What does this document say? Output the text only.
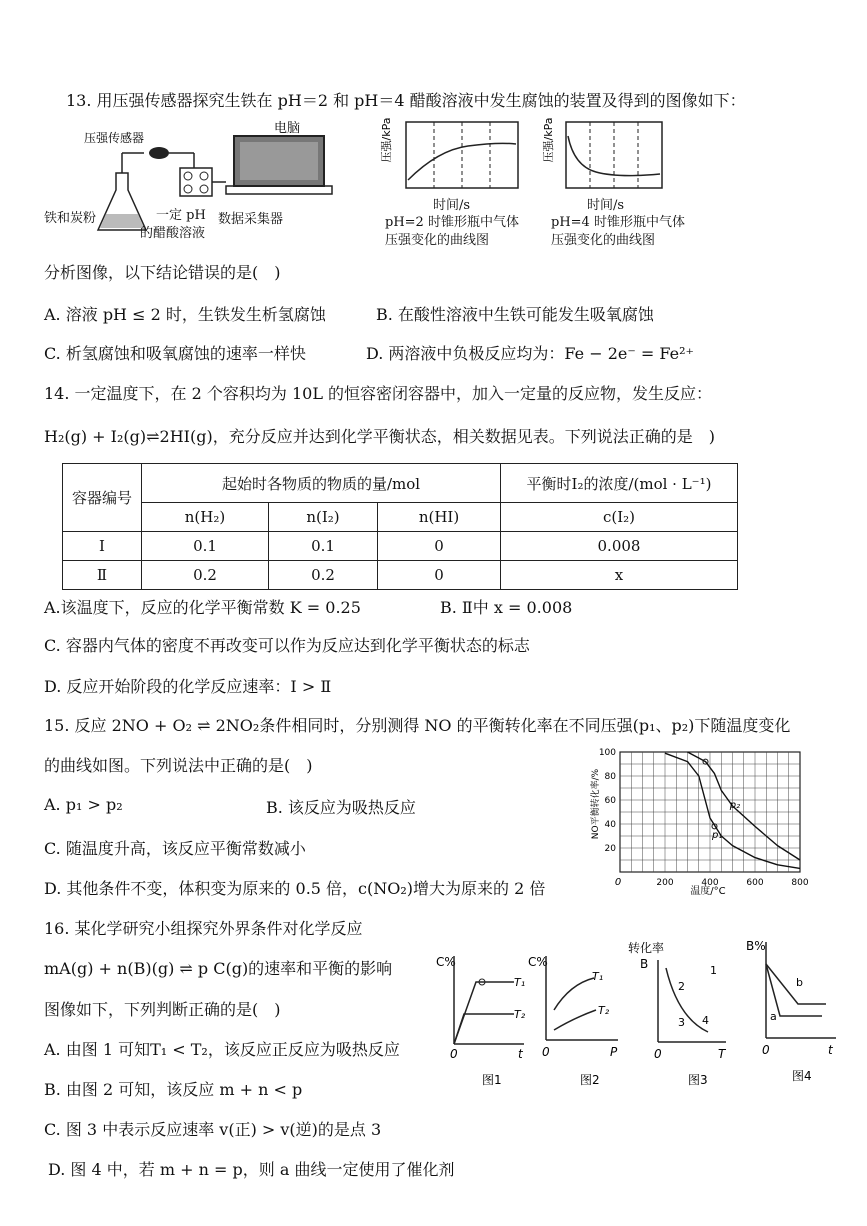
13. 用压强传感器探究生铁在 pH＝2 和 pH＝4 醋酸溶液中发生腐蚀的装置及得到的图像如下：
压强传感器
电脑
铁和炭粉	一定 pH
的醋酸溶液
数据采集器
压强/kPa
时间/s
pH=2 时锥形瓶中气体
压强变化的曲线图
压强/kPa
时间/s
pH=4 时锥形瓶中气体
压强变化的曲线图
分析图像，以下结论错误的是(　)
A. 溶液 pH ≤ 2 时，生铁发生析氢腐蚀	B. 在酸性溶液中生铁可能发生吸氧腐蚀
C. 析氢腐蚀和吸氧腐蚀的速率一样快	D. 两溶液中负极反应均为：Fe − 2e⁻ = Fe²⁺
14. 一定温度下，在 2 个容积均为 10L 的恒容密闭容器中，加入一定量的反应物，发生反应：
H₂(g) + I₂(g)⇌2HI(g)，充分反应并达到化学平衡状态，相关数据见表。下列说法正确的是　)
容器编号	起始时各物质的物质的量/mol			平衡时I₂的浓度/(mol · L⁻¹)
	n(H₂)	n(I₂)	n(HI)	c(I₂)
Ⅰ	0.1	0.1	0	0.008
Ⅱ	0.2	0.2	0	x
A.该温度下，反应的化学平衡常数 K = 0.25	B. Ⅱ中 x = 0.008
C. 容器内气体的密度不再改变可以作为反应达到化学平衡状态的标志
D. 反应开始阶段的化学反应速率：Ⅰ > Ⅱ
15. 反应 2NO + O₂ ⇌ 2NO₂条件相同时，分别测得 NO 的平衡转化率在不同压强(p₁、p₂)下随温度变化
的曲线如图。下列说法中正确的是(　)
A. p₁ > p₂	B. 该反应为吸热反应
C. 随温度升高，该反应平衡常数减小
D. 其他条件不变，体积变为原来的 0.5 倍，c(NO₂)增大为原来的 2 倍	0	200	400	600	800
20
40
60
80
100
NO平衡转化率/%
温度/°C
p₁
p₂
16. 某化学研究小组探究外界条件对化学反应
mA(g) + n(B)(g) ⇌ p C(g)的速率和平衡的影响
图像如下，下列判断正确的是(　)
A. 由图 1 可知T₁ < T₂，该反应正反应为吸热反应
B. 由图 2 可知，该反应 m + n < p
C. 图 3 中表示反应速率 v(正) > v(逆)的是点 3
D. 图 4 中，若 m + n = p，则 a 曲线一定使用了催化剂
C%
T₁
T₂
0	t
图1
C%
T₁
T₂
0	P
图2
转化率
B	1
2
3 4
0	T
图3
B%
a
b
0	t
图4
